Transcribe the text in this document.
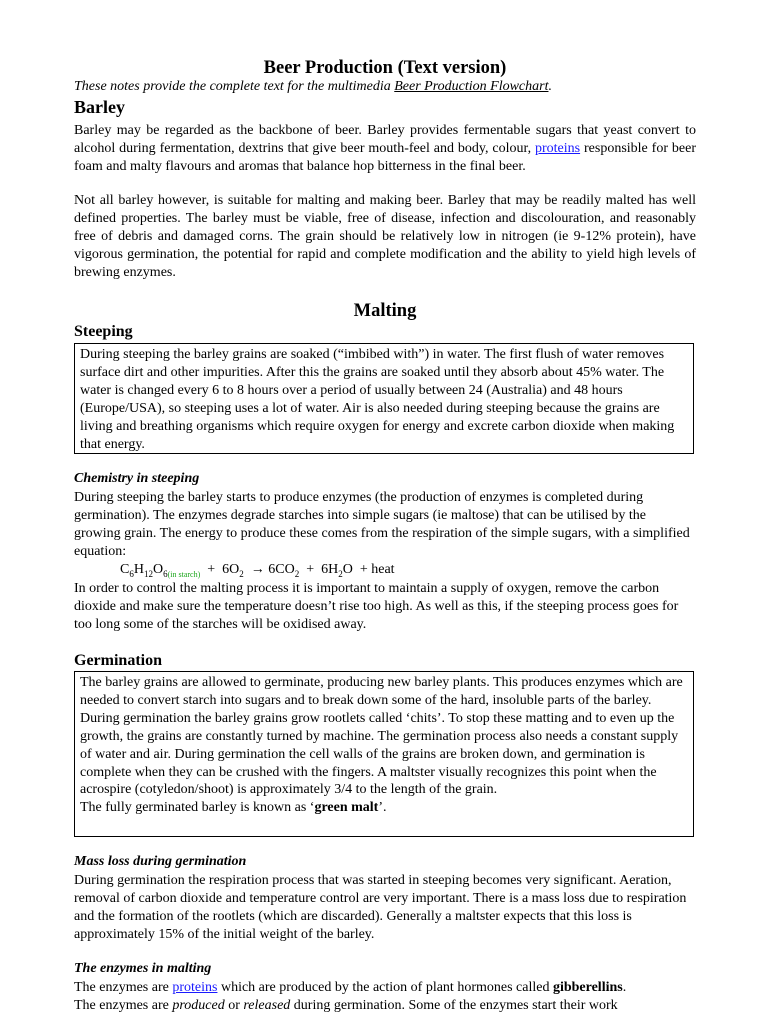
Beer Production (Text version)
These notes provide the complete text for the multimedia Beer Production Flowchart.
Barley
Barley may be regarded as the backbone of beer. Barley provides fermentable sugars that yeast convert to alcohol during fermentation, dextrins that give beer mouth-feel and body, colour, proteins responsible for beer foam and malty flavours and aromas that balance hop bitterness in the final beer.
Not all barley however, is suitable for malting and making beer. Barley that may be readily malted has well defined properties. The barley must be viable, free of disease, infection and discolouration, and reasonably free of debris and damaged corns. The grain should be relatively low in nitrogen (ie 9-12% protein), have vigorous germination, the potential for rapid and complete modification and the ability to yield high levels of brewing enzymes.
Malting
Steeping
During steeping the barley grains are soaked (“imbibed with”) in water. The first flush of water removes surface dirt and other impurities. After this the grains are soaked until they absorb about 45% water. The water is changed every 6 to 8 hours over a period of usually between 24 (Australia) and 48 hours (Europe/USA), so steeping uses a lot of water. Air is also needed during steeping because the grains are living and breathing organisms which require oxygen for energy and excrete carbon dioxide when making that energy.
Chemistry in steeping
During steeping the barley starts to produce enzymes (the production of enzymes is completed during germination). The enzymes degrade starches into simple sugars (ie maltose) that can be utilised by the growing grain. The energy to produce these comes from the respiration of the simple sugars, with a simplified equation:
$C_6H_{12}O_{6(in starch)} + 6O_2 \to 6CO_2 + 6H_2O$  + heat
In order to control the malting process it is important to maintain a supply of oxygen, remove the carbon dioxide and make sure the temperature doesn’t rise too high. As well as this, if the steeping process goes for too long some of the starches will be oxidised away.
Germination
The barley grains are allowed to germinate, producing new barley plants. This produces enzymes which are needed to convert starch into sugars and to break down some of the hard, insoluble parts of the barley. During germination the barley grains grow rootlets called ‘chits’. To stop these matting and to even up the growth, the grains are constantly turned by machine. The germination process also needs a constant supply of water and air. During germination the cell walls of the grains are broken down, and germination is complete when they can be crushed with the fingers. A maltster visually recognizes this point when the acrospire (cotyledon/shoot) is approximately 3/4 to the length of the grain.
The fully germinated barley is known as ‘green malt’.
Mass loss during germination
During germination the respiration process that was started in steeping becomes very significant. Aeration, removal of carbon dioxide and temperature control are very important. There is a mass loss due to respiration and the formation of the rootlets (which are discarded). Generally a maltster expects that this loss is approximately 15% of the initial weight of the barley.
The enzymes in malting
The enzymes are proteins which are produced by the action of plant hormones called gibberellins.
The enzymes are produced or released during germination. Some of the enzymes start their work
